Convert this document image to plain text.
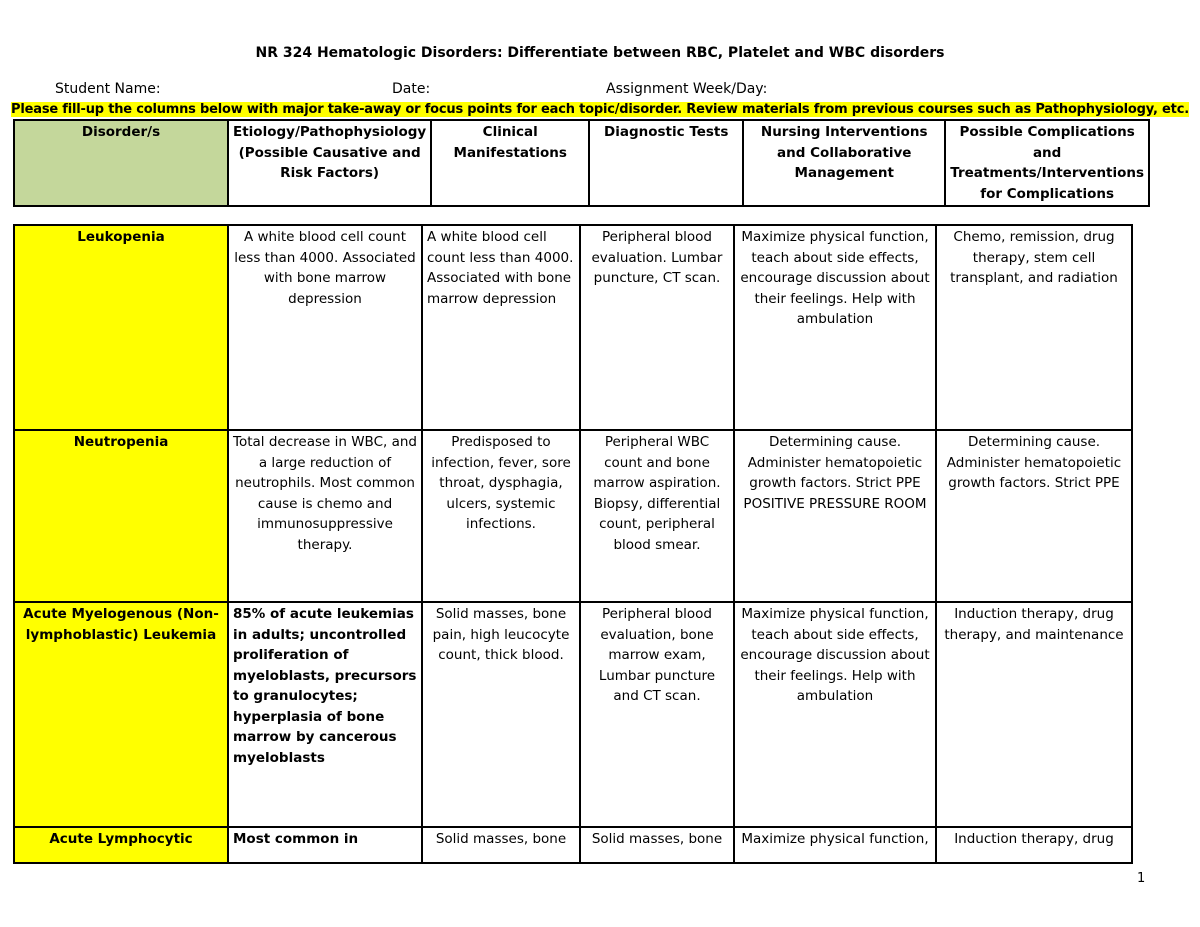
NR 324 Hematologic Disorders: Differentiate between RBC, Platelet and WBC disorders
Student Name:	Date:	Assignment Week/Day:
Please fill-up the columns below with major take-away or focus points for each topic/disorder. Review materials from previous courses such as Pathophysiology, etc.
Disorder/s	Etiology/Pathophysiology (Possible Causative and Risk Factors)	Clinical Manifestations	Diagnostic Tests	Nursing Interventions and Collaborative Management	Possible Complications and Treatments/Interventions for Complications
Leukopenia	A white blood cell count less than 4000. Associated with bone marrow depression	A white blood cell count less than 4000. Associated with bone marrow depression	Peripheral blood evaluation. Lumbar puncture, CT scan.	Maximize physical function, teach about side effects, encourage discussion about their feelings. Help with ambulation	Chemo, remission, drug therapy, stem cell transplant, and radiation
Neutropenia	Total decrease in WBC, and a large reduction of neutrophils. Most common cause is chemo and immunosuppressive therapy.	Predisposed to infection, fever, sore throat, dysphagia, ulcers, systemic infections.	Peripheral WBC count and bone marrow aspiration. Biopsy, differential count, peripheral blood smear.	Determining cause. Administer hematopoietic growth factors. Strict PPE POSITIVE PRESSURE ROOM	Determining cause. Administer hematopoietic growth factors. Strict PPE
Acute Myelogenous (Non-lymphoblastic) Leukemia	85% of acute leukemias in adults; uncontrolled proliferation of myeloblasts, precursors to granulocytes; hyperplasia of bone marrow by cancerous myeloblasts	Solid masses, bone pain, high leucocyte count, thick blood.	Peripheral blood evaluation, bone marrow exam, Lumbar puncture and CT scan.	Maximize physical function, teach about side effects, encourage discussion about their feelings. Help with ambulation	Induction therapy, drug therapy, and maintenance
Acute Lymphocytic	Most common in	Solid masses, bone	Solid masses, bone	Maximize physical function,	Induction therapy, drug
1
